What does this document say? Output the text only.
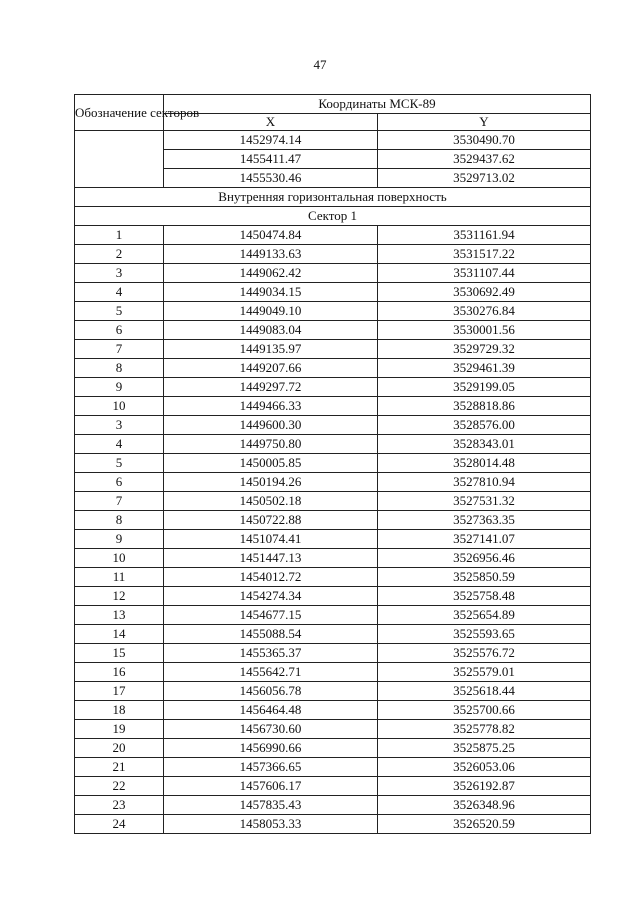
47
Обозначение секторов	Координаты МСК-89	
	X	Y
	1452974.14	3530490.70
	1455411.47	3529437.62
	1455530.46	3529713.02
Внутренняя горизонтальная поверхность		
Сектор 1		
1	1450474.84	3531161.94
2	1449133.63	3531517.22
3	1449062.42	3531107.44
4	1449034.15	3530692.49
5	1449049.10	3530276.84
6	1449083.04	3530001.56
7	1449135.97	3529729.32
8	1449207.66	3529461.39
9	1449297.72	3529199.05
10	1449466.33	3528818.86
3	1449600.30	3528576.00
4	1449750.80	3528343.01
5	1450005.85	3528014.48
6	1450194.26	3527810.94
7	1450502.18	3527531.32
8	1450722.88	3527363.35
9	1451074.41	3527141.07
10	1451447.13	3526956.46
11	1454012.72	3525850.59
12	1454274.34	3525758.48
13	1454677.15	3525654.89
14	1455088.54	3525593.65
15	1455365.37	3525576.72
16	1455642.71	3525579.01
17	1456056.78	3525618.44
18	1456464.48	3525700.66
19	1456730.60	3525778.82
20	1456990.66	3525875.25
21	1457366.65	3526053.06
22	1457606.17	3526192.87
23	1457835.43	3526348.96
24	1458053.33	3526520.59
